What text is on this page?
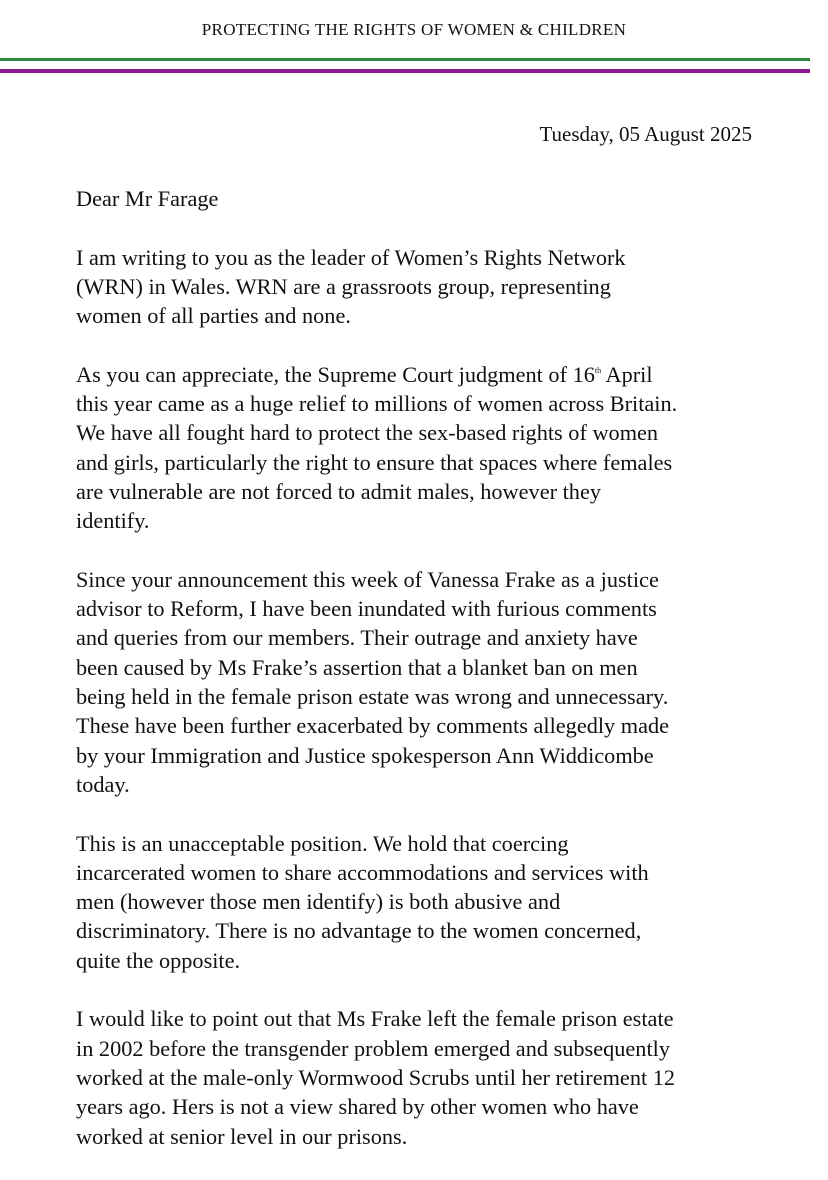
PROTECTING THE RIGHTS OF WOMEN & CHILDREN
Tuesday, 05 August 2025

Dear Mr Farage

I am writing to you as the leader of Women’s Rights Network
(WRN) in Wales. WRN are a grassroots group, representing
women of all parties and none.

As you can appreciate, the Supreme Court judgment of 16th April
this year came as a huge relief to millions of women across Britain.
We have all fought hard to protect the sex-based rights of women
and girls, particularly the right to ensure that spaces where females
are vulnerable are not forced to admit males, however they
identify.

Since your announcement this week of Vanessa Frake as a justice
advisor to Reform, I have been inundated with furious comments
and queries from our members. Their outrage and anxiety have
been caused by Ms Frake’s assertion that a blanket ban on men
being held in the female prison estate was wrong and unnecessary.
These have been further exacerbated by comments allegedly made
by your Immigration and Justice spokesperson Ann Widdicombe
today.

This is an unacceptable position. We hold that coercing
incarcerated women to share accommodations and services with
men (however those men identify) is both abusive and
discriminatory. There is no advantage to the women concerned,
quite the opposite.

I would like to point out that Ms Frake left the female prison estate
in 2002 before the transgender problem emerged and subsequently
worked at the male-only Wormwood Scrubs until her retirement 12
years ago. Hers is not a view shared by other women who have
worked at senior level in our prisons.
